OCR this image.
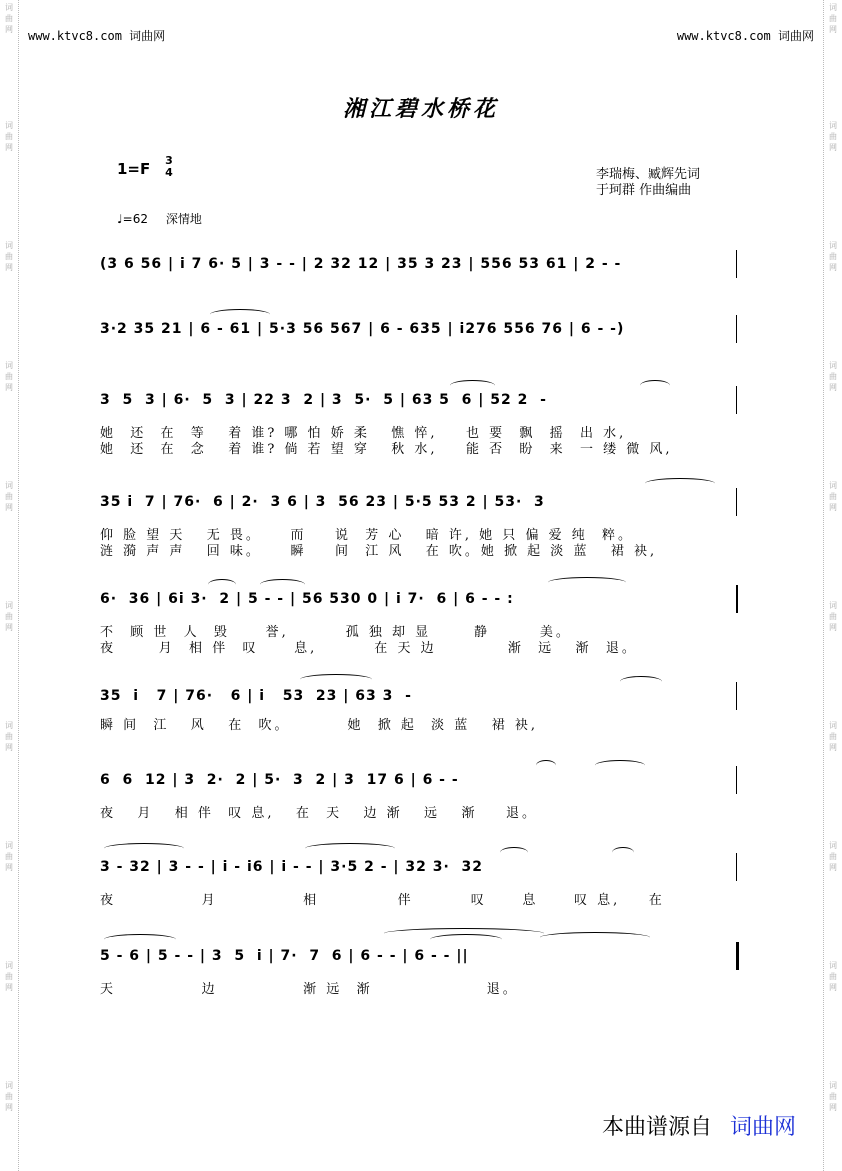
词曲网
词曲网
词曲网
词曲网
词曲网
词曲网
词曲网
词曲网
词曲网
词曲网
词曲网
词曲网
词曲网
词曲网
词曲网
词曲网
词曲网
词曲网
词曲网
词曲网
www.ktvc8.com 词曲网	www.ktvc8.com 词曲网
湘江碧水桥花
1=F 3
4	李瑞梅、臧辉先词
于珂群 作曲编曲
♩=62 深情地
(3 6 56 | i 7 6· 5 | 3 - - | 2 32 12 | 35 3 23 | 556 53 61 | 2 - -
3·2 35 21 | 6 - 61 | 5·3 56 567 | 6 - 635 | i276 556 76 | 6 - -)
3  5  3 | 6·  5  3 | 22 3  2 | 3  5·  5 | 63 5  6 | 52 2  -
她  还  在  等   着 谁? 哪 怕 娇 柔   憔 悴,    也 要  飘  摇  出 水,
她  还  在  念   着 谁? 倘 若 望 穿   秋 水,    能 否  盼  来  一 缕 微 风,
35 i  7 | 76·  6 | 2·  3 6 | 3  56 23 | 5·5 53 2 | 53·  3
仰 脸 望 天   无 畏。    而    说  芳 心   暗 许, 她 只 偏 爱 纯  粹。
涟 漪 声 声   回 味。    瞬    间  江 风   在 吹。她 掀 起 淡 蓝   裙 袂,
6·  36 | 6i 3·  2 | 5 - - | 56 530 0 | i 7·  6 | 6 - - :
不  顾 世  人  毁     誉,        孤 独 却 显      静       美。
夜      月  相 伴  叹     息,        在 天 边          渐  远   渐  退。
35  i   7 | 76·   6 | i   53  23 | 63 3  -
瞬 间  江   风   在  吹。        她  掀 起  淡 蓝   裙 袂,
6  6  12 | 3  2·  2 | 5·  3  2 | 3  17 6 | 6 - -
夜   月   相 伴  叹 息,   在  天   边 渐   远   渐    退。
3 - 32 | 3 - - | i - i6 | i - - | 3·5 2 - | 32 3·  32
夜            月            相           伴        叹     息     叹 息,    在
5 - 6 | 5 - - | 3  5  i | 7·  7  6 | 6 - - | 6 - - ||
天            边            渐 远  渐                退。
本曲谱源自 词曲网
